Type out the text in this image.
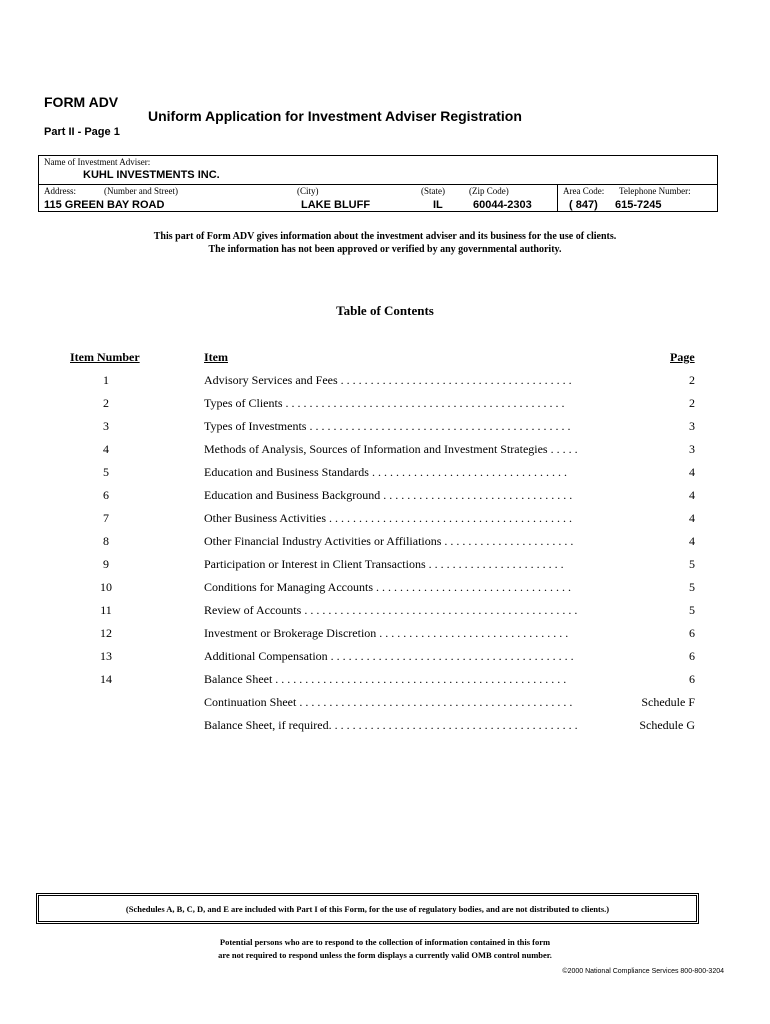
FORM ADV
Uniform Application for Investment Adviser Registration
Part II - Page 1
Name of Investment Adviser:
KUHL INVESTMENTS INC.
Address:	(Number and Street)
115 GREEN BAY ROAD
(City)
LAKE BLUFF
(State)
IL
(Zip Code)
60044-2303
Area Code: Telephone Number:
( 847) 615-7245
This part of Form ADV gives information about the investment adviser and its business for the use of clients.
The information has not been approved or verified by any governmental authority.
Table of Contents
Item Number	Item	Page
1	Advisory Services and Fees . . . . . . . . . . . . . . . . . . . . . . . . . . . . . . . . . . . . . . .	2
2	Types of Clients . . . . . . . . . . . . . . . . . . . . . . . . . . . . . . . . . . . . . . . . . . . . . . .	2
3	Types of Investments . . . . . . . . . . . . . . . . . . . . . . . . . . . . . . . . . . . . . . . . . . . .	3
4	Methods of Analysis, Sources of Information and Investment Strategies . . . . .	3
5	Education and Business Standards . . . . . . . . . . . . . . . . . . . . . . . . . . . . . . . . .	4
6	Education and Business Background . . . . . . . . . . . . . . . . . . . . . . . . . . . . . . . .	4
7	Other Business Activities . . . . . . . . . . . . . . . . . . . . . . . . . . . . . . . . . . . . . . . . .	4
8	Other Financial Industry Activities or Affiliations . . . . . . . . . . . . . . . . . . . . . .	4
9	Participation or Interest in Client Transactions . . . . . . . . . . . . . . . . . . . . . . .	5
10	Conditions for Managing Accounts . . . . . . . . . . . . . . . . . . . . . . . . . . . . . . . . .	5
11	Review of Accounts . . . . . . . . . . . . . . . . . . . . . . . . . . . . . . . . . . . . . . . . . . . . . .	5
12	Investment or Brokerage Discretion . . . . . . . . . . . . . . . . . . . . . . . . . . . . . . . .	6
13	Additional Compensation . . . . . . . . . . . . . . . . . . . . . . . . . . . . . . . . . . . . . . . . .	6
14	Balance Sheet . . . . . . . . . . . . . . . . . . . . . . . . . . . . . . . . . . . . . . . . . . . . . . . . .	6
Continuation Sheet . . . . . . . . . . . . . . . . . . . . . . . . . . . . . . . . . . . . . . . . . . . . . .	Schedule F
Balance Sheet, if required. . . . . . . . . . . . . . . . . . . . . . . . . . . . . . . . . . . . . . . . . .	Schedule G
(Schedules A, B, C, D, and E are included with Part I of this Form, for the use of regulatory bodies, and are not distributed to clients.)
Potential persons who are to respond to the collection of information contained in this form
are not required to respond unless the form displays a currently valid OMB control number.
©2000 National Compliance Services 800-800-3204
